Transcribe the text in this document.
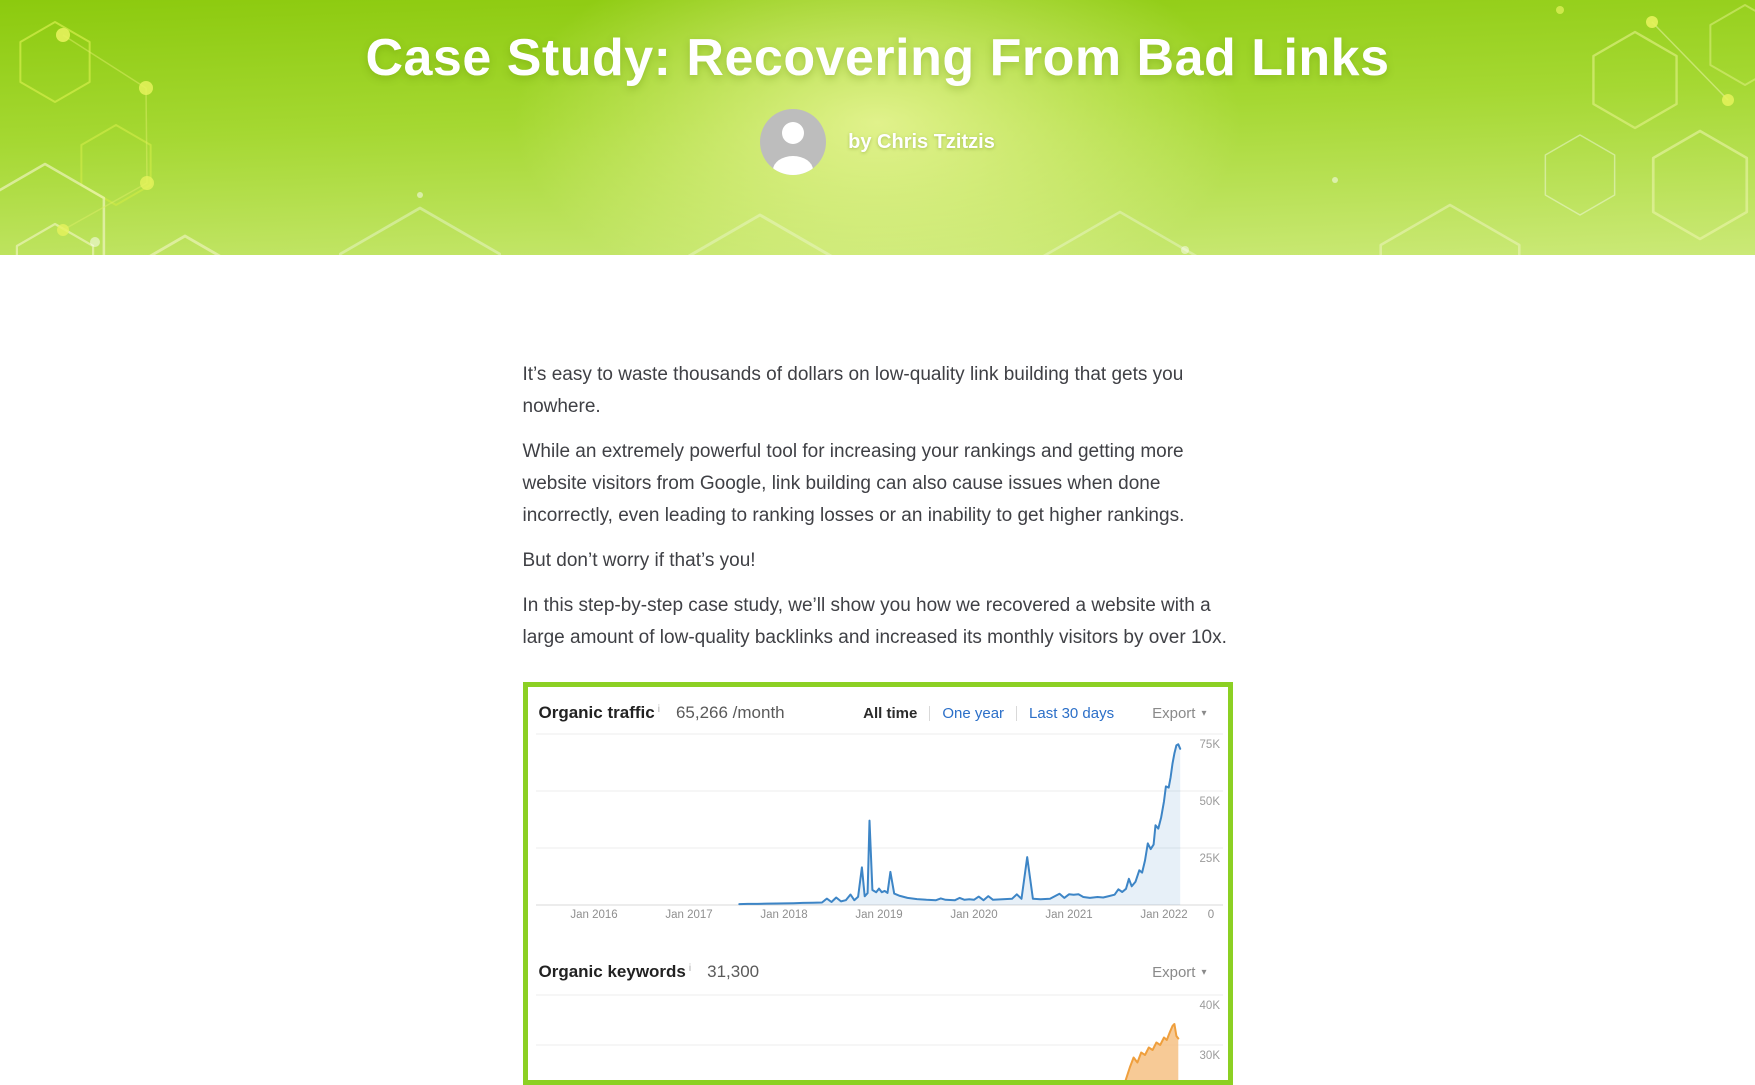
Case Study: Recovering From Bad Links
by Chris Tzitzis

It’s easy to waste thousands of dollars on low-quality link building that gets you nowhere.

While an extremely powerful tool for increasing your rankings and getting more website visitors from Google, link building can also cause issues when done incorrectly, even leading to ranking losses or an inability to get higher rankings.

But don’t worry if that’s you!

In this step-by-step case study, we’ll show you how we recovered a website with a large amount of low-quality backlinks and increased its monthly visitors by over 10x.

Organic traffic i 65,266 /month	All time One year Last 30 days	Export ▾
75K
50K
25K
Jan 2016	Jan 2017	Jan 2018	Jan 2019	Jan 2020	Jan 2021	Jan 2022 0
Organic keywords i 31,300	Export ▾
40K
30K
